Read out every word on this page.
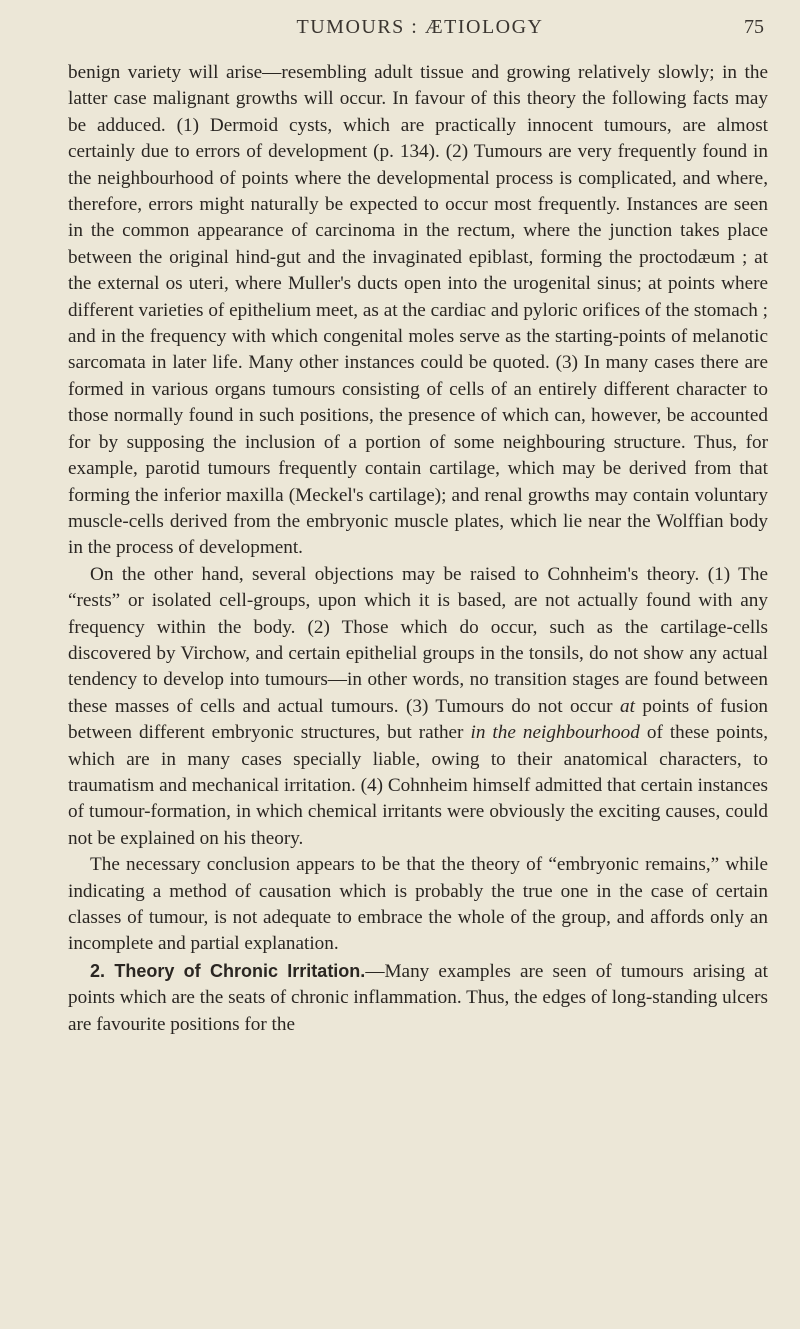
TUMOURS : ÆTIOLOGY	75

benign variety will arise—resembling adult tissue and growing relatively slowly; in the latter case malignant growths will occur. In favour of this theory the following facts may be adduced. (1) Dermoid cysts, which are practically innocent tumours, are almost certainly due to errors of development (p. 134). (2) Tumours are very frequently found in the neighbourhood of points where the developmental process is complicated, and where, therefore, errors might naturally be expected to occur most frequently. Instances are seen in the common appearance of carcinoma in the rectum, where the junction takes place between the original hind-gut and the invaginated epiblast, forming the proctodæum ; at the external os uteri, where Muller's ducts open into the urogenital sinus; at points where different varieties of epithelium meet, as at the cardiac and pyloric orifices of the stomach ; and in the frequency with which congenital moles serve as the starting-points of melanotic sarcomata in later life. Many other instances could be quoted. (3) In many cases there are formed in various organs tumours consisting of cells of an entirely different character to those normally found in such positions, the presence of which can, however, be accounted for by supposing the inclusion of a portion of some neighbouring structure. Thus, for example, parotid tumours frequently contain cartilage, which may be derived from that forming the inferior maxilla (Meckel's cartilage); and renal growths may contain voluntary muscle-cells derived from the embryonic muscle plates, which lie near the Wolffian body in the process of development.

On the other hand, several objections may be raised to Cohnheim's theory. (1) The “rests” or isolated cell-groups, upon which it is based, are not actually found with any frequency within the body. (2) Those which do occur, such as the cartilage-cells discovered by Virchow, and certain epithelial groups in the tonsils, do not show any actual tendency to develop into tumours—in other words, no transition stages are found between these masses of cells and actual tumours. (3) Tumours do not occur at points of fusion between different embryonic structures, but rather in the neighbourhood of these points, which are in many cases specially liable, owing to their anatomical characters, to traumatism and mechanical irritation. (4) Cohnheim himself admitted that certain instances of tumour-formation, in which chemical irritants were obviously the exciting causes, could not be explained on his theory.

The necessary conclusion appears to be that the theory of “embryonic remains,” while indicating a method of causation which is probably the true one in the case of certain classes of tumour, is not adequate to embrace the whole of the group, and affords only an incomplete and partial explanation.

2. Theory of Chronic Irritation.—Many examples are seen of tumours arising at points which are the seats of chronic inflammation. Thus, the edges of long-standing ulcers are favourite positions for the
